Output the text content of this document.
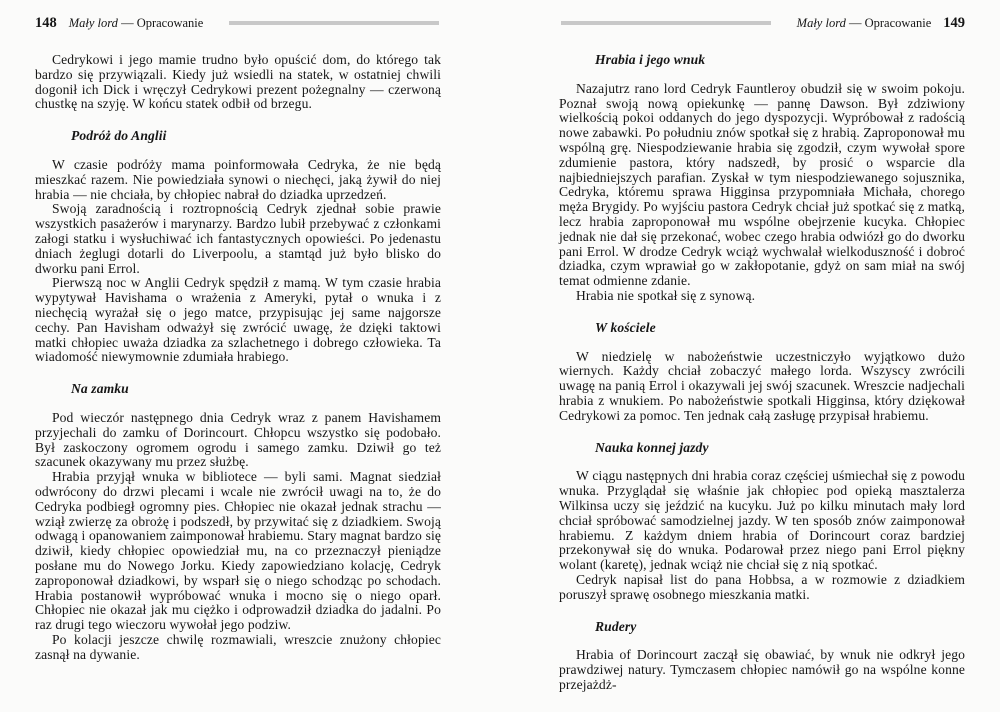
148 Mały lord — Opracowanie

Cedrykowi i jego mamie trudno było opuścić dom, do którego tak bardzo się przywiązali. Kiedy już wsiedli na statek, w ostatniej chwili dogonił ich Dick i wręczył Cedrykowi prezent pożegnalny — czerwoną chustkę na szyję. W końcu statek odbił od brzegu.

Podróż do Anglii

W czasie podróży mama poinformowała Cedryka, że nie będą mieszkać razem. Nie powiedziała synowi o niechęci, jaką żywił do niej hrabia — nie chciała, by chłopiec nabrał do dziadka uprzedzeń.

Swoją zaradnością i roztropnością Cedryk zjednał sobie prawie wszystkich pasażerów i marynarzy. Bardzo lubił przebywać z członkami załogi statku i wysłuchiwać ich fantastycznych opowieści. Po jedenastu dniach żeglugi dotarli do Liverpoolu, a stamtąd już było blisko do dworku pani Errol.

Pierwszą noc w Anglii Cedryk spędził z mamą. W tym czasie hrabia wypytywał Havishama o wrażenia z Ameryki, pytał o wnuka i z niechęcią wyrażał się o jego matce, przypisując jej same najgorsze cechy. Pan Havisham odważył się zwrócić uwagę, że dzięki taktowi matki chłopiec uważa dziadka za szlachetnego i dobrego człowieka. Ta wiadomość niewymownie zdumiała hrabiego.

Na zamku

Pod wieczór następnego dnia Cedryk wraz z panem Havishamem przyjechali do zamku of Dorincourt. Chłopcu wszystko się podobało. Był zaskoczony ogromem ogrodu i samego zamku. Dziwił go też szacunek okazywany mu przez służbę.

Hrabia przyjął wnuka w bibliotece — byli sami. Magnat siedział odwrócony do drzwi plecami i wcale nie zwrócił uwagi na to, że do Cedryka podbiegł ogromny pies. Chłopiec nie okazał jednak strachu — wziął zwierzę za obrożę i podszedł, by przywitać się z dziadkiem. Swoją odwagą i opanowaniem zaimponował hrabiemu. Stary magnat bardzo się dziwił, kiedy chłopiec opowiedział mu, na co przeznaczył pieniądze posłane mu do Nowego Jorku. Kiedy zapowiedziano kolację, Cedryk zaproponował dziadkowi, by wsparł się o niego schodząc po schodach. Hrabia postanowił wypróbować wnuka i mocno się o niego oparł. Chłopiec nie okazał jak mu ciężko i odprowadził dziadka do jadalni. Po raz drugi tego wieczoru wywołał jego podziw.

Po kolacji jeszcze chwilę rozmawiali, wreszcie znużony chłopiec zasnął na dywanie.

Mały lord — Opracowanie 149
Hrabia i jego wnuk

Nazajutrz rano lord Cedryk Fauntleroy obudził się w swoim pokoju. Poznał swoją nową opiekunkę — pannę Dawson. Był zdziwiony wielkością pokoi oddanych do jego dyspozycji. Wypróbował z radością nowe zabawki. Po południu znów spotkał się z hrabią. Zaproponował mu wspólną grę. Niespodziewanie hrabia się zgodził, czym wywołał spore zdumienie pastora, który nadszedł, by prosić o wsparcie dla najbiedniejszych parafian. Zyskał w tym niespodziewanego sojusznika, Cedryka, któremu sprawa Higginsa przypomniała Michała, chorego męża Brygidy. Po wyjściu pastora Cedryk chciał już spotkać się z matką, lecz hrabia zaproponował mu wspólne obejrzenie kucyka. Chłopiec jednak nie dał się przekonać, wobec czego hrabia odwiózł go do dworku pani Errol. W drodze Cedryk wciąż wychwalał wielkoduszność i dobroć dziadka, czym wprawiał go w zakłopotanie, gdyż on sam miał na swój temat odmienne zdanie.

Hrabia nie spotkał się z synową.

W kościele

W niedzielę w nabożeństwie uczestniczyło wyjątkowo dużo wiernych. Każdy chciał zobaczyć małego lorda. Wszyscy zwrócili uwagę na panią Errol i okazywali jej swój szacunek. Wreszcie nadjechali hrabia z wnukiem. Po nabożeństwie spotkali Higginsa, który dziękował Cedrykowi za pomoc. Ten jednak całą zasługę przypisał hrabiemu.

Nauka konnej jazdy

W ciągu następnych dni hrabia coraz częściej uśmiechał się z powodu wnuka. Przyglądał się właśnie jak chłopiec pod opieką masztalerza Wilkinsa uczy się jeździć na kucyku. Już po kilku minutach mały lord chciał spróbować samodzielnej jazdy. W ten sposób znów zaimponował hrabiemu. Z każdym dniem hrabia of Dorincourt coraz bardziej przekonywał się do wnuka. Podarował przez niego pani Errol piękny wolant (karetę), jednak wciąż nie chciał się z nią spotkać.

Cedryk napisał list do pana Hobbsa, a w rozmowie z dziadkiem poruszył sprawę osobnego mieszkania matki.

Rudery

Hrabia of Dorincourt zaczął się obawiać, by wnuk nie odkrył jego prawdziwej natury. Tymczasem chłopiec namówił go na wspólne konne przejażdż-
